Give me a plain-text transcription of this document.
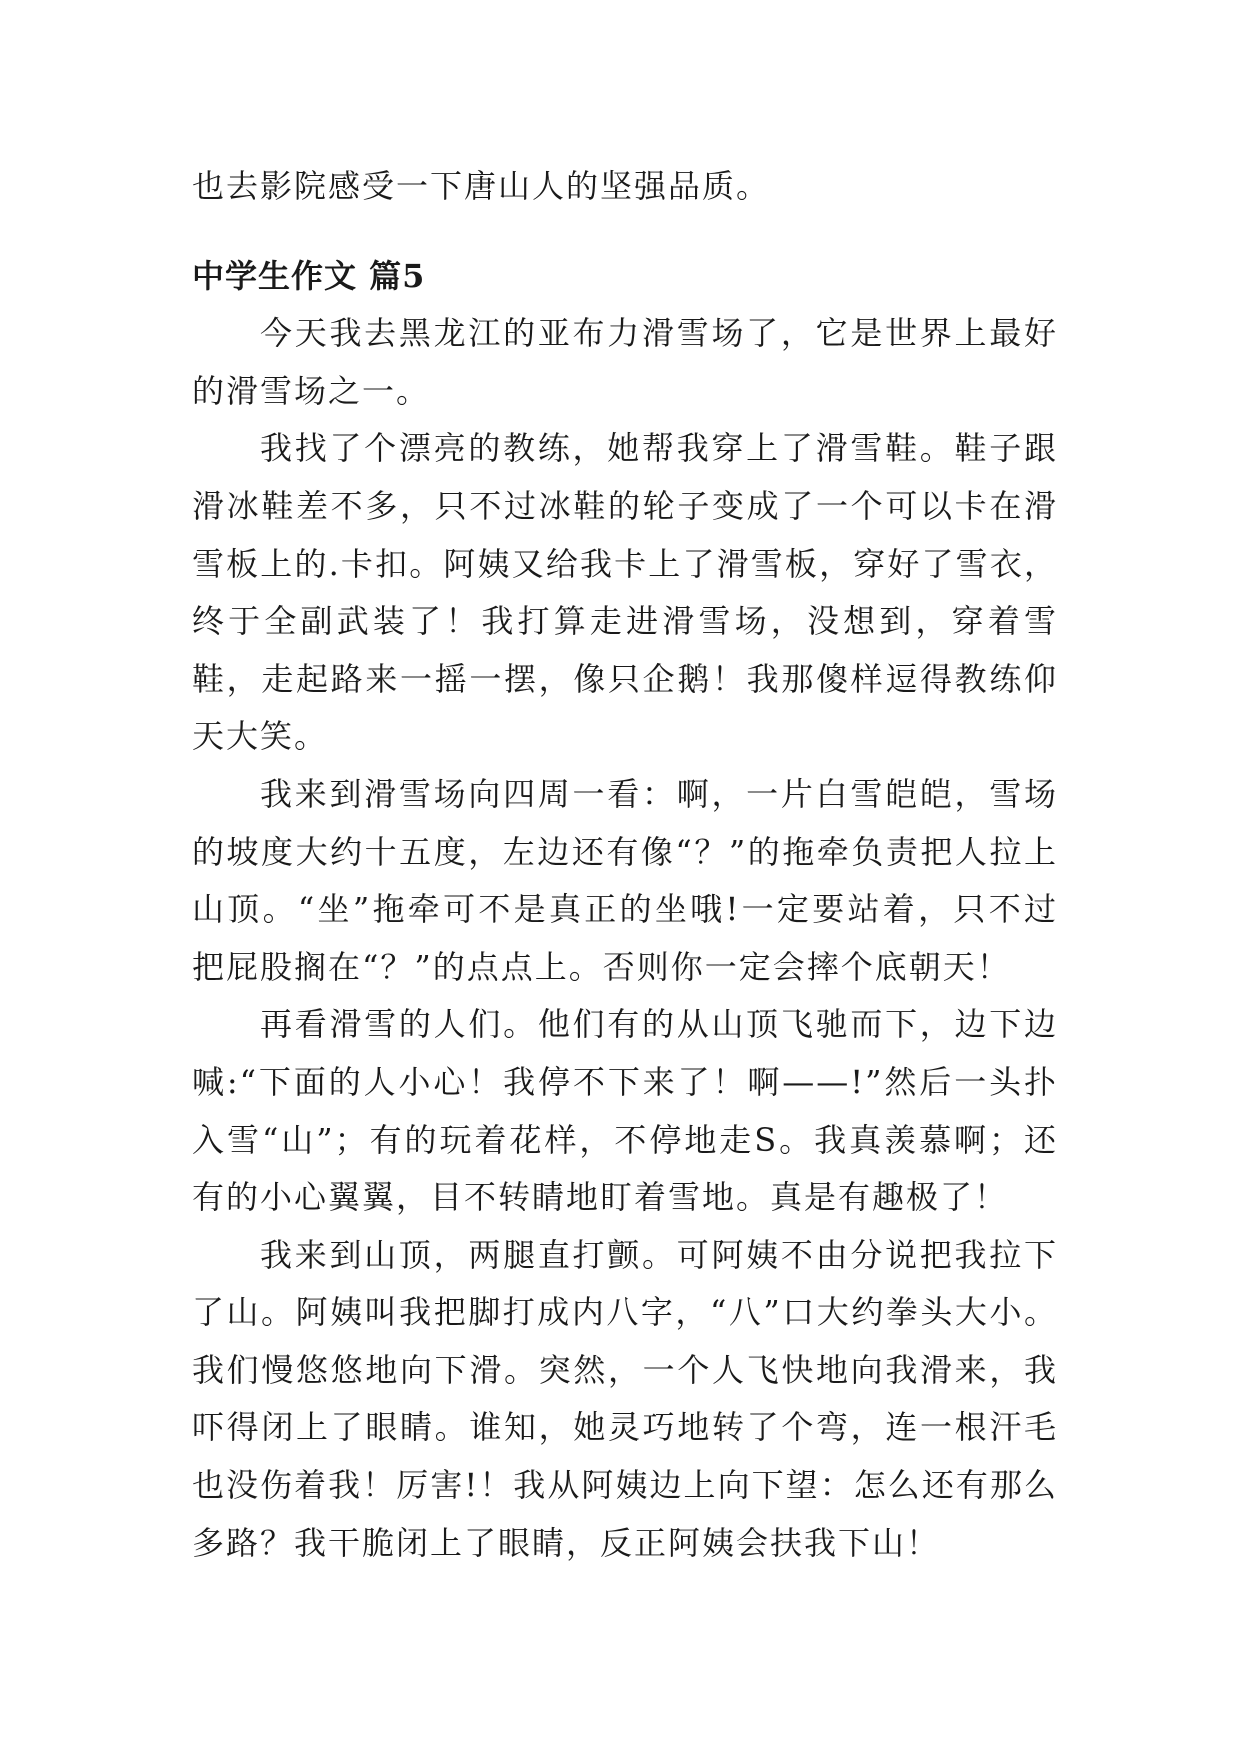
也去影院感受一下唐山人的坚强品质。

中学生作文 篇5

今天我去黑龙江的亚布力滑雪场了，它是世界上最好的滑雪场之一。

我找了个漂亮的教练，她帮我穿上了滑雪鞋。鞋子跟滑冰鞋差不多，只不过冰鞋的轮子变成了一个可以卡在滑雪板上的.卡扣。阿姨又给我卡上了滑雪板，穿好了雪衣，终于全副武装了！我打算走进滑雪场，没想到，穿着雪鞋，走起路来一摇一摆，像只企鹅！我那傻样逗得教练仰天大笑。

我来到滑雪场向四周一看：啊，一片白雪皑皑，雪场的坡度大约十五度，左边还有像“？”的拖牵负责把人拉上山顶。“坐”拖牵可不是真正的坐哦!一定要站着，只不过把屁股搁在“？”的点点上。否则你一定会摔个底朝天！

再看滑雪的人们。他们有的从山顶飞驰而下，边下边喊:“下面的人小心！我停不下来了！啊——!”然后一头扑入雪“山”；有的玩着花样，不停地走S。我真羡慕啊；还有的小心翼翼，目不转睛地盯着雪地。真是有趣极了！

我来到山顶，两腿直打颤。可阿姨不由分说把我拉下了山。阿姨叫我把脚打成内八字，“八”口大约拳头大小。我们慢悠悠地向下滑。突然，一个人飞快地向我滑来，我吓得闭上了眼睛。谁知，她灵巧地转了个弯，连一根汗毛也没伤着我！厉害!！我从阿姨边上向下望：怎么还有那么多路？我干脆闭上了眼睛，反正阿姨会扶我下山！
